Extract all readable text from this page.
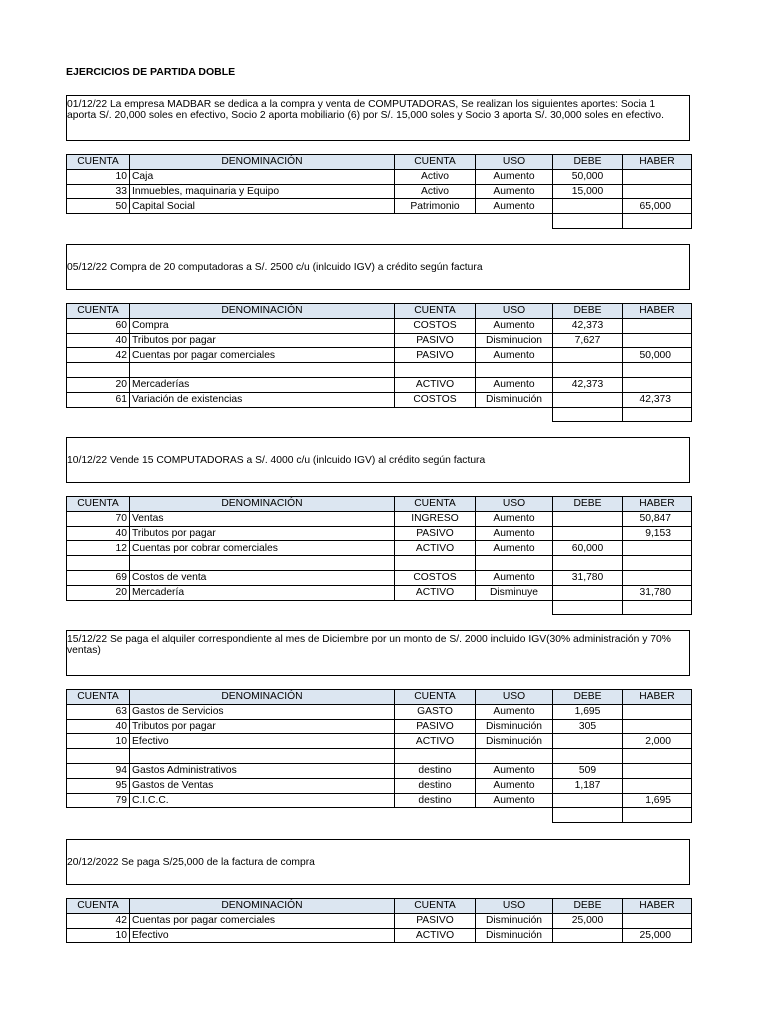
EJERCICIOS DE PARTIDA DOBLE
01/12/22 La empresa MADBAR se dedica a la compra y venta de COMPUTADORAS, Se realizan los siguientes aportes: Socia 1 aporta S/. 20,000 soles en efectivo, Socio 2 aporta mobiliario (6) por S/. 15,000 soles y Socio 3 aporta S/. 30,000 soles en efectivo.
CUENTA	DENOMINACIÓN	CUENTA	USO	DEBE	HABER
10	Caja	Activo	Aumento	50,000	
33	Inmuebles, maquinaria y Equipo	Activo	Aumento	15,000	
50	Capital Social	Patrimonio	Aumento		65,000

05/12/22 Compra de 20 computadoras a S/. 2500 c/u (inlcuido IGV) a crédito según factura
CUENTA	DENOMINACIÓN	CUENTA	USO	DEBE	HABER
60	Compra	COSTOS	Aumento	42,373	
40	Tributos por pagar	PASIVO	Disminucion	7,627	
42	Cuentas por pagar comerciales	PASIVO	Aumento		50,000

20	Mercaderías	ACTIVO	Aumento	42,373	
61	Variación de existencias	COSTOS	Disminución		42,373

10/12/22 Vende 15 COMPUTADORAS a S/. 4000 c/u (inlcuido IGV) al crédito según factura
CUENTA	DENOMINACIÓN	CUENTA	USO	DEBE	HABER
70	Ventas	INGRESO	Aumento		50,847
40	Tributos por pagar	PASIVO	Aumento		9,153
12	Cuentas por cobrar comerciales	ACTIVO	Aumento	60,000	

69	Costos de venta	COSTOS	Aumento	31,780	
20	Mercadería	ACTIVO	Disminuye		31,780

15/12/22 Se paga el alquiler correspondiente al mes de Diciembre por un monto de S/. 2000 incluido IGV(30% administración y 70% ventas)
CUENTA	DENOMINACIÓN	CUENTA	USO	DEBE	HABER
63	Gastos de Servicios	GASTO	Aumento	1,695	
40	Tributos por pagar	PASIVO	Disminución	305	
10	Efectivo	ACTIVO	Disminución		2,000

94	Gastos Administrativos	destino	Aumento	509	
95	Gastos de Ventas	destino	Aumento	1,187	
79	C.I.C.C.	destino	Aumento		1,695

20/12/2022 Se paga S/25,000 de la factura de compra
CUENTA	DENOMINACIÓN	CUENTA	USO	DEBE	HABER
42	Cuentas por pagar comerciales	PASIVO	Disminución	25,000	
10	Efectivo	ACTIVO	Disminución		25,000
